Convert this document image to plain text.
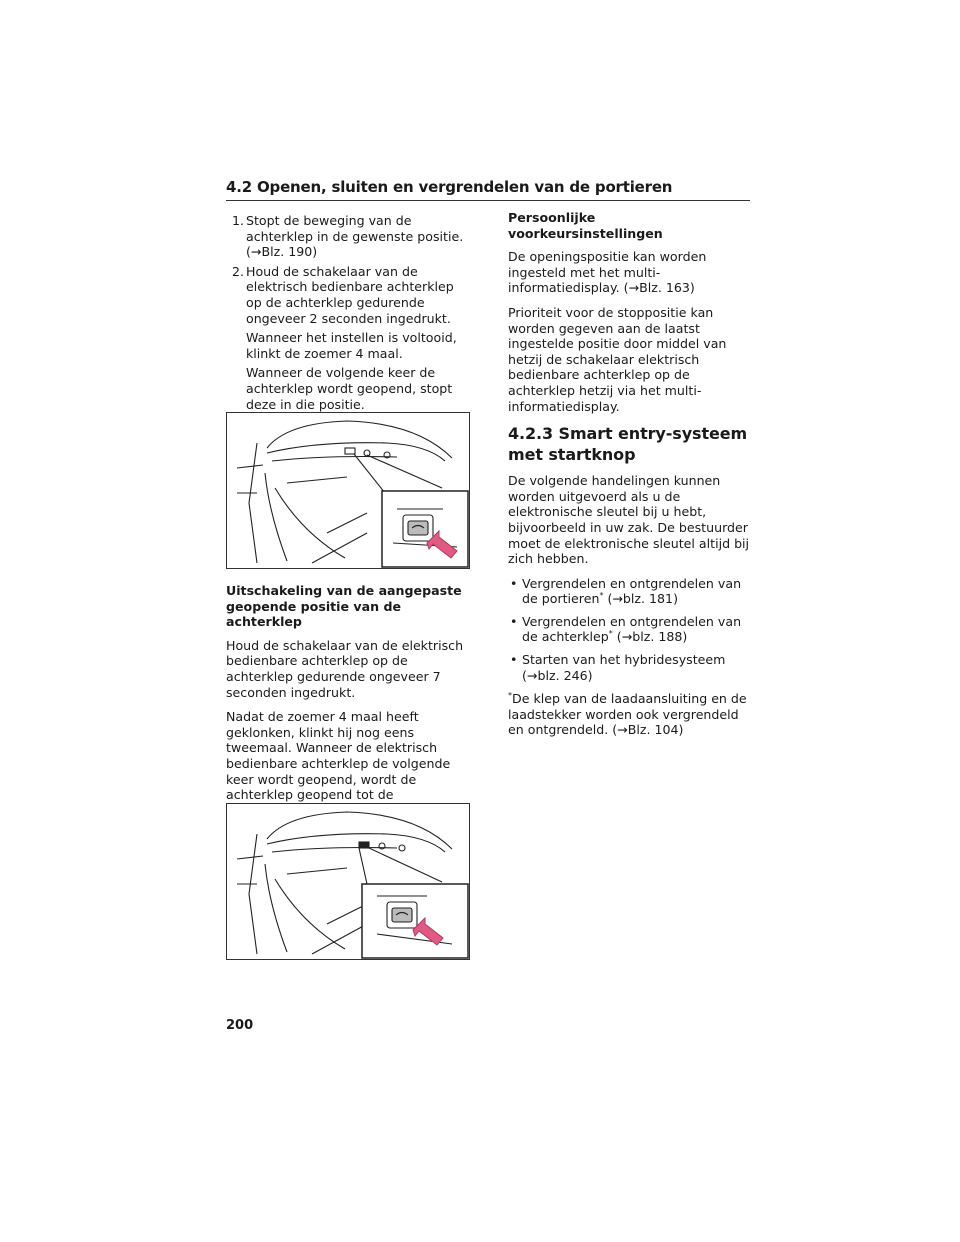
4.2 Openen, sluiten en vergrendelen van de portieren
1. Stopt de beweging van de achterklep in de gewenste positie. (→Blz. 190)
2. Houd de schakelaar van de elektrisch bedienbare achterklep op de achterklep gedurende ongeveer 2 seconden ingedrukt.
Wanneer het instellen is voltooid, klinkt de zoemer 4 maal.
Wanneer de volgende keer de achterklep wordt geopend, stopt deze in die positie.
Uitschakeling van de aangepaste geopende positie van de achterklep

Houd de schakelaar van de elektrisch bedienbare achterklep op de achterklep gedurende ongeveer 7 seconden ingedrukt.

Nadat de zoemer 4 maal heeft geklonken, klinkt hij nog eens tweemaal. Wanneer de elektrisch bedienbare achterklep de volgende keer wordt geopend, wordt de achterklep geopend tot de

Persoonlijke voorkeursinstellingen

De openingspositie kan worden ingesteld met het multi-informatiedisplay. (→Blz. 163)

Prioriteit voor de stoppositie kan worden gegeven aan de laatst ingestelde positie door middel van hetzij de schakelaar elektrisch bedienbare achterklep op de achterklep hetzij via het multi-informatiedisplay.

4.2.3 Smart entry-systeem met startknop

De volgende handelingen kunnen worden uitgevoerd als u de elektronische sleutel bij u hebt, bijvoorbeeld in uw zak. De bestuurder moet de elektronische sleutel altijd bij zich hebben.

• Vergrendelen en ontgrendelen van de portieren* (→blz. 181)
• Vergrendelen en ontgrendelen van de achterklep* (→blz. 188)
• Starten van het hybridesysteem (→blz. 246)

*De klep van de laadaansluiting en de laadstekker worden ook vergrendeld en ontgrendeld. (→Blz. 104)

200
